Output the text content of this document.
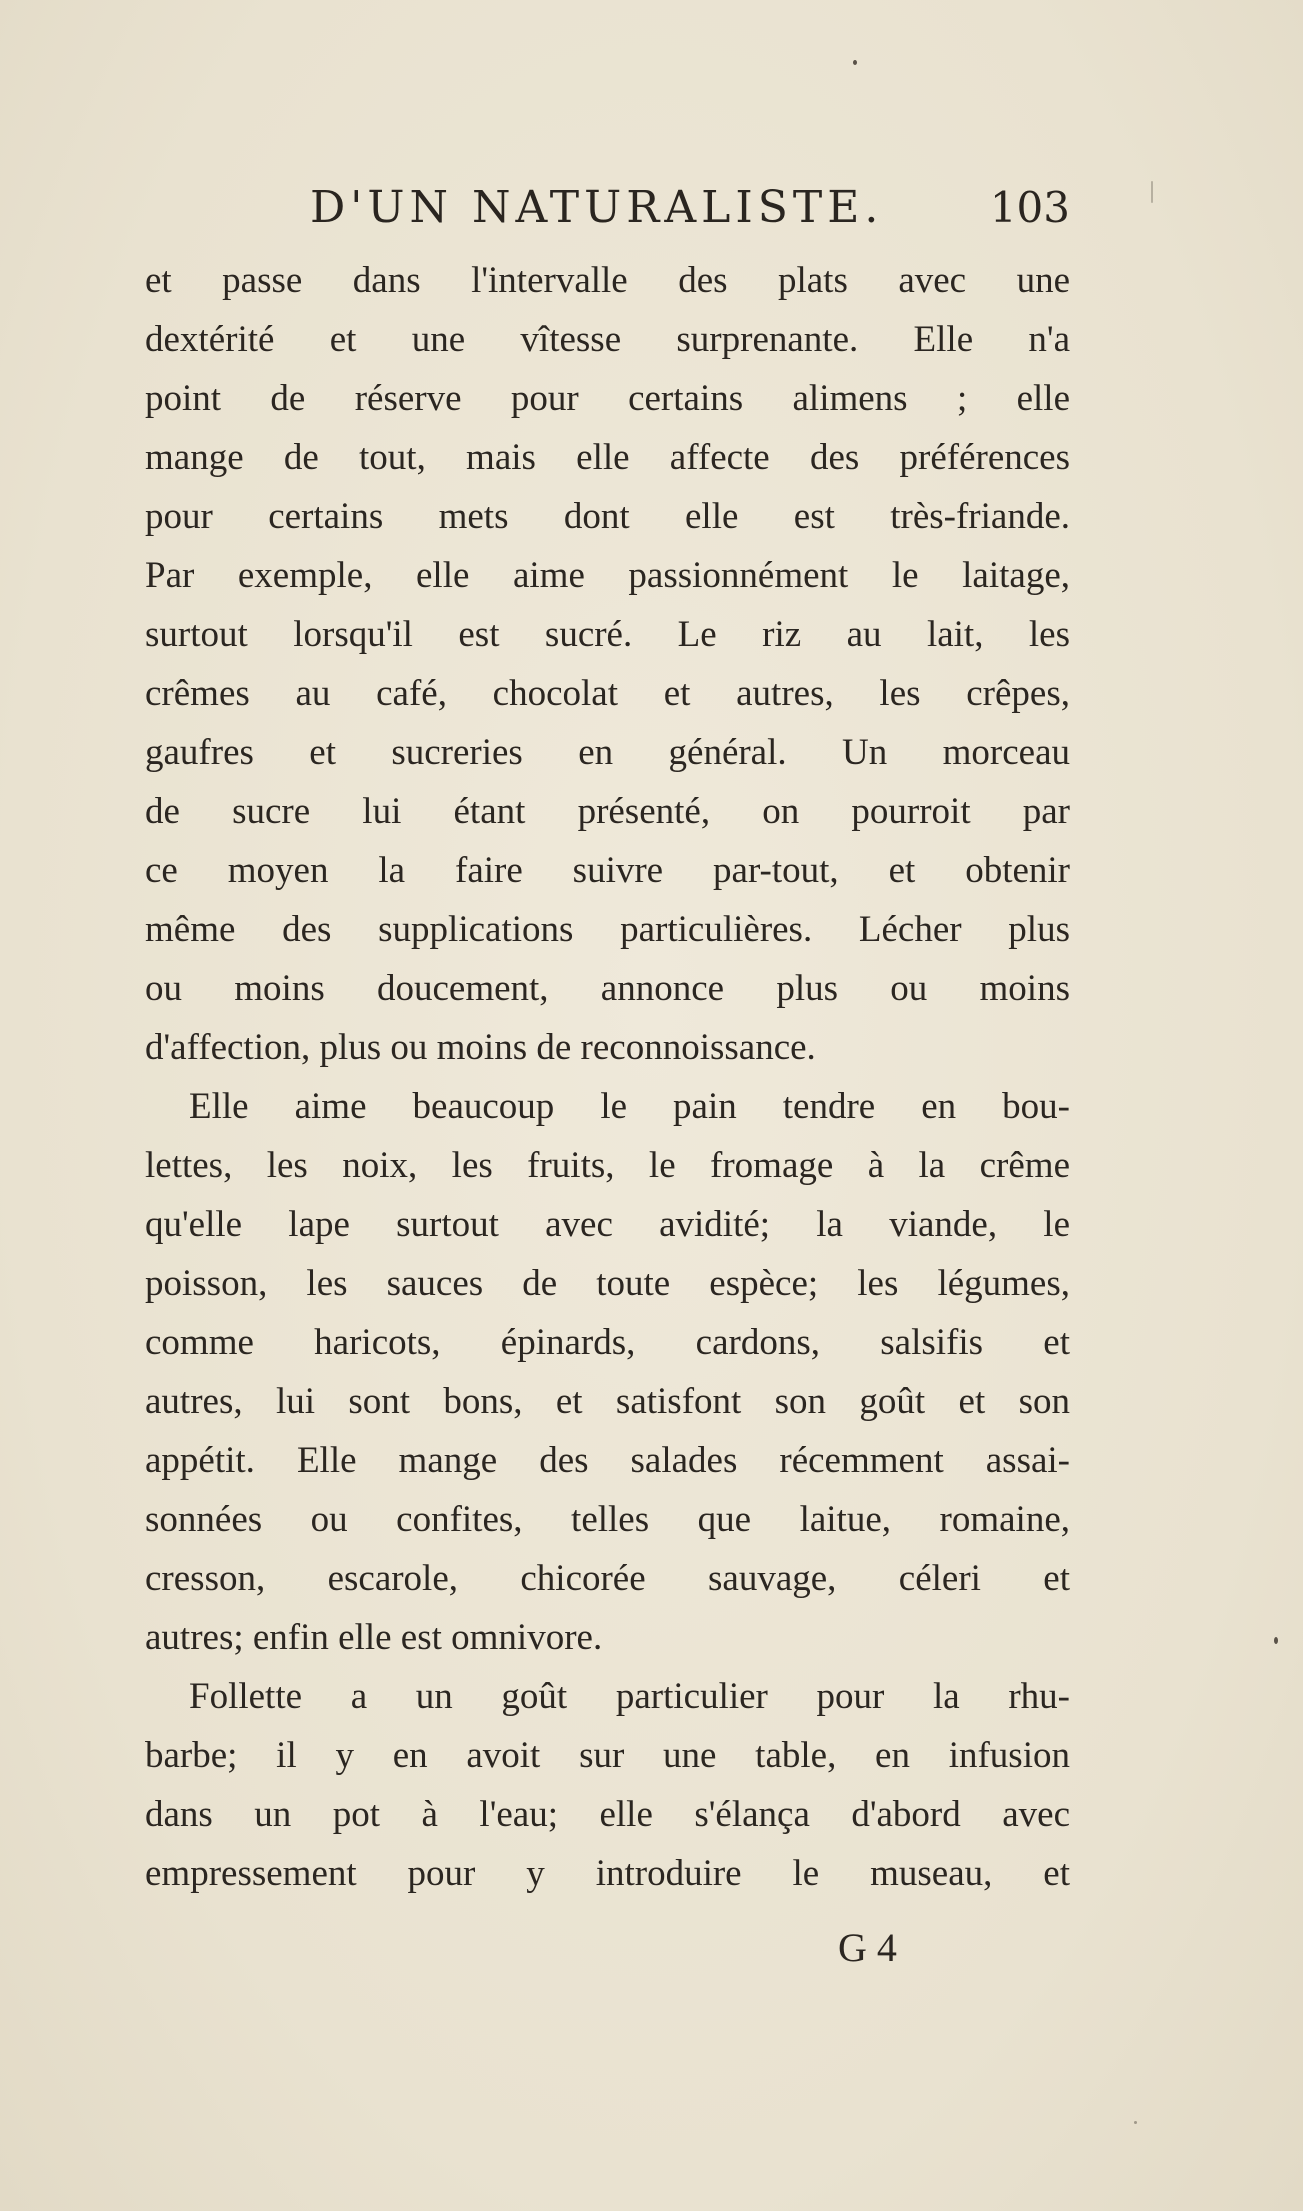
D'UN NATURALISTE.	103
et passe dans l'intervalle des plats avec une
dextérité et une vîtesse surprenante. Elle n'a
point de réserve pour certains alimens ; elle
mange de tout, mais elle affecte des préférences
pour certains mets dont elle est très-friande.
Par exemple, elle aime passionnément le laitage,
surtout lorsqu'il est sucré. Le riz au lait, les
crêmes au café, chocolat et autres, les crêpes,
gaufres et sucreries en général. Un morceau
de sucre lui étant présenté, on pourroit par
ce moyen la faire suivre par-tout, et obtenir
même des supplications particulières. Lécher plus
ou moins doucement, annonce plus ou moins
d'affection, plus ou moins de reconnoissance.
Elle aime beaucoup le pain tendre en bou-
lettes, les noix, les fruits, le fromage à la crême
qu'elle lape surtout avec avidité; la viande, le
poisson, les sauces de toute espèce; les légumes,
comme haricots, épinards, cardons, salsifis et
autres, lui sont bons, et satisfont son goût et son
appétit. Elle mange des salades récemment assai-
sonnées ou confites, telles que laitue, romaine,
cresson, escarole, chicorée sauvage, céleri et
autres; enfin elle est omnivore.
Follette a un goût particulier pour la rhu-
barbe; il y en avoit sur une table, en infusion
dans un pot à l'eau; elle s'élança d'abord avec
empressement pour y introduire le museau, et
G 4
